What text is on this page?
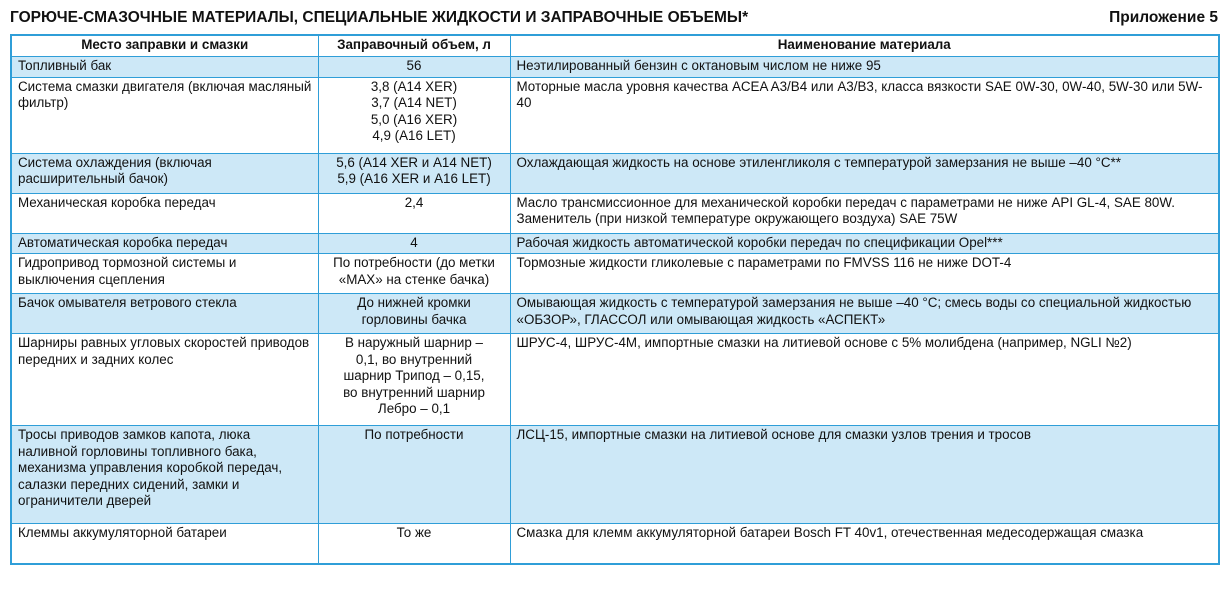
ГОРЮЧЕ-СМАЗОЧНЫЕ МАТЕРИАЛЫ, СПЕЦИАЛЬНЫЕ ЖИДКОСТИ И ЗАПРАВОЧНЫЕ ОБЪЕМЫ*	Приложение 5
Место заправки и смазки	Заправочный объем, л	Наименование материала
Топливный бак	56	Неэтилированный бензин с октановым числом не ниже 95
Система смазки двигателя (включая масляный фильтр)	3,8 (A14 XER)
3,7 (A14 NET)
5,0 (A16 XER)
4,9 (A16 LET)	Моторные масла уровня качества ACEA A3/B4 или A3/B3, класса вязкости SAE 0W-30, 0W-40, 5W-30 или 5W-40
Система охлаждения (включая расширительный бачок)	5,6 (A14 XER и A14 NET)
5,9 (A16 XER и A16 LET)	Охлаждающая жидкость на основе этиленгликоля с температурой замерзания не выше –40 °С**
Механическая коробка передач	2,4	Масло трансмиссионное для механической коробки передач с параметрами не ниже API GL-4, SAE 80W. Заменитель (при низкой температуре окружающего воздуха) SAE 75W
Автоматическая коробка передач	4	Рабочая жидкость автоматической коробки передач по спецификации Opel***
Гидропривод тормозной системы и выключения сцепления	По потребности (до метки
«MAX» на стенке бачка)	Тормозные жидкости гликолевые с параметрами по FMVSS 116 не ниже DOT-4
Бачок омывателя ветрового стекла	До нижней кромки
горловины бачка	Омывающая жидкость с температурой замерзания не выше –40 °С; смесь воды со специальной жидкостью «ОБЗОР», ГЛАССОЛ или омывающая жидкость «АСПЕКТ»
Шарниры равных угловых скоростей приводов передних и задних колес	В наружный шарнир –
0,1, во внутренний
шарнир Трипод – 0,15,
во внутренний шарнир
Лебро – 0,1	ШРУС-4, ШРУС-4М, импортные смазки на литиевой основе с 5% молибдена (например, NGLI №2)
Тросы приводов замков капота, люка наливной горловины топливного бака, механизма управления коробкой передач, салазки передних сидений, замки и ограничители дверей	По потребности	ЛСЦ-15, импортные смазки на литиевой основе для смазки узлов трения и тросов
Клеммы аккумуляторной батареи	То же	Смазка для клемм аккумуляторной батареи Bosch FT 40v1, отечественная медесодержащая смазка
